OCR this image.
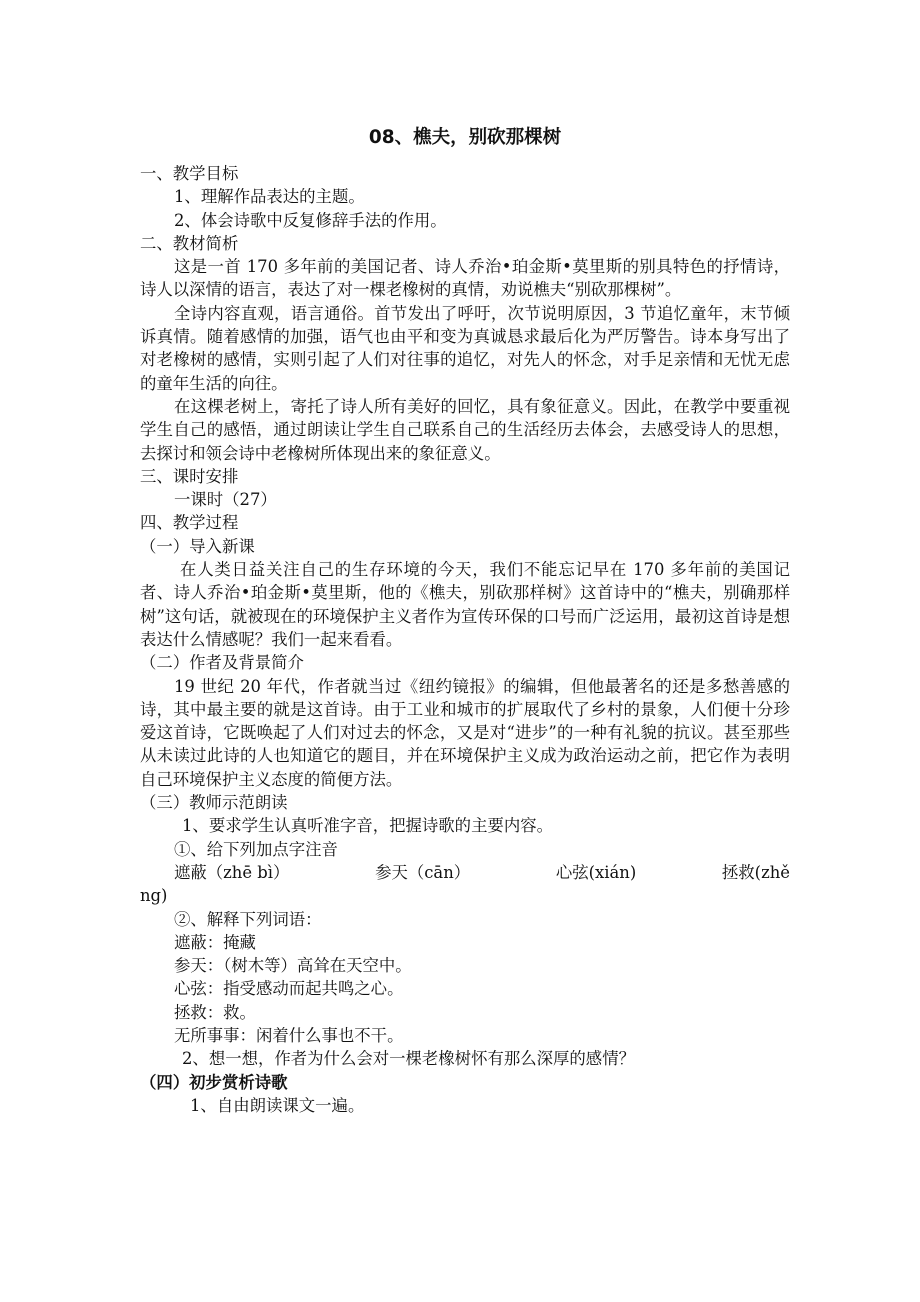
08、樵夫，别砍那棵树
一、教学目标
1、理解作品表达的主题。
2、体会诗歌中反复修辞手法的作用。
二、教材简析

这是一首 170 多年前的美国记者、诗人乔治•珀金斯•莫里斯的别具特色的抒情诗，诗人以深情的语言，表达了对一棵老橡树的真情，劝说樵夫“别砍那棵树”。

全诗内容直观，语言通俗。首节发出了呼吁，次节说明原因，3 节追忆童年，末节倾诉真情。随着感情的加强，语气也由平和变为真诚恳求最后化为严厉警告。诗本身写出了对老橡树的感情，实则引起了人们对往事的追忆，对先人的怀念，对手足亲情和无忧无虑的童年生活的向往。

在这棵老树上，寄托了诗人所有美好的回忆，具有象征意义。因此，在教学中要重视学生自己的感悟，通过朗读让学生自己联系自己的生活经历去体会，去感受诗人的思想，去探讨和领会诗中老橡树所体现出来的象征意义。

三、课时安排
一课时（27）
四、教学过程
（一）导入新课

在人类日益关注自己的生存环境的今天，我们不能忘记早在 170 多年前的美国记者、诗人乔治•珀金斯•莫里斯，他的《樵夫，别砍那样树》这首诗中的“樵夫，别确那样树”这句话，就被现在的环境保护主义者作为宣传环保的口号而广泛运用，最初这首诗是想表达什么情感呢？我们一起来看看。

（二）作者及背景简介

19 世纪 20 年代，作者就当过《纽约镜报》的编辑，但他最著名的还是多愁善感的诗，其中最主要的就是这首诗。由于工业和城市的扩展取代了乡村的景象，人们便十分珍爱这首诗，它既唤起了人们对过去的怀念，又是对“进步”的一种有礼貌的抗议。甚至那些从未读过此诗的人也知道它的题目，并在环境保护主义成为政治运动之前，把它作为表明自己环境保护主义态度的简便方法。

（三）教师示范朗读
1、要求学生认真听准字音，把握诗歌的主要内容。
①、给下列加点字注音
遮蔽（zhē bì）	参天（cān）	心弦(xián)	拯救(zhě
ng)
②、解释下列词语：
遮蔽：掩藏
参天：（树木等）高耸在天空中。
心弦：指受感动而起共鸣之心。
拯救：救。
无所事事：闲着什么事也不干。
2、想一想，作者为什么会对一棵老橡树怀有那么深厚的感情？
（四）初步赏析诗歌
1、自由朗读课文一遍。
